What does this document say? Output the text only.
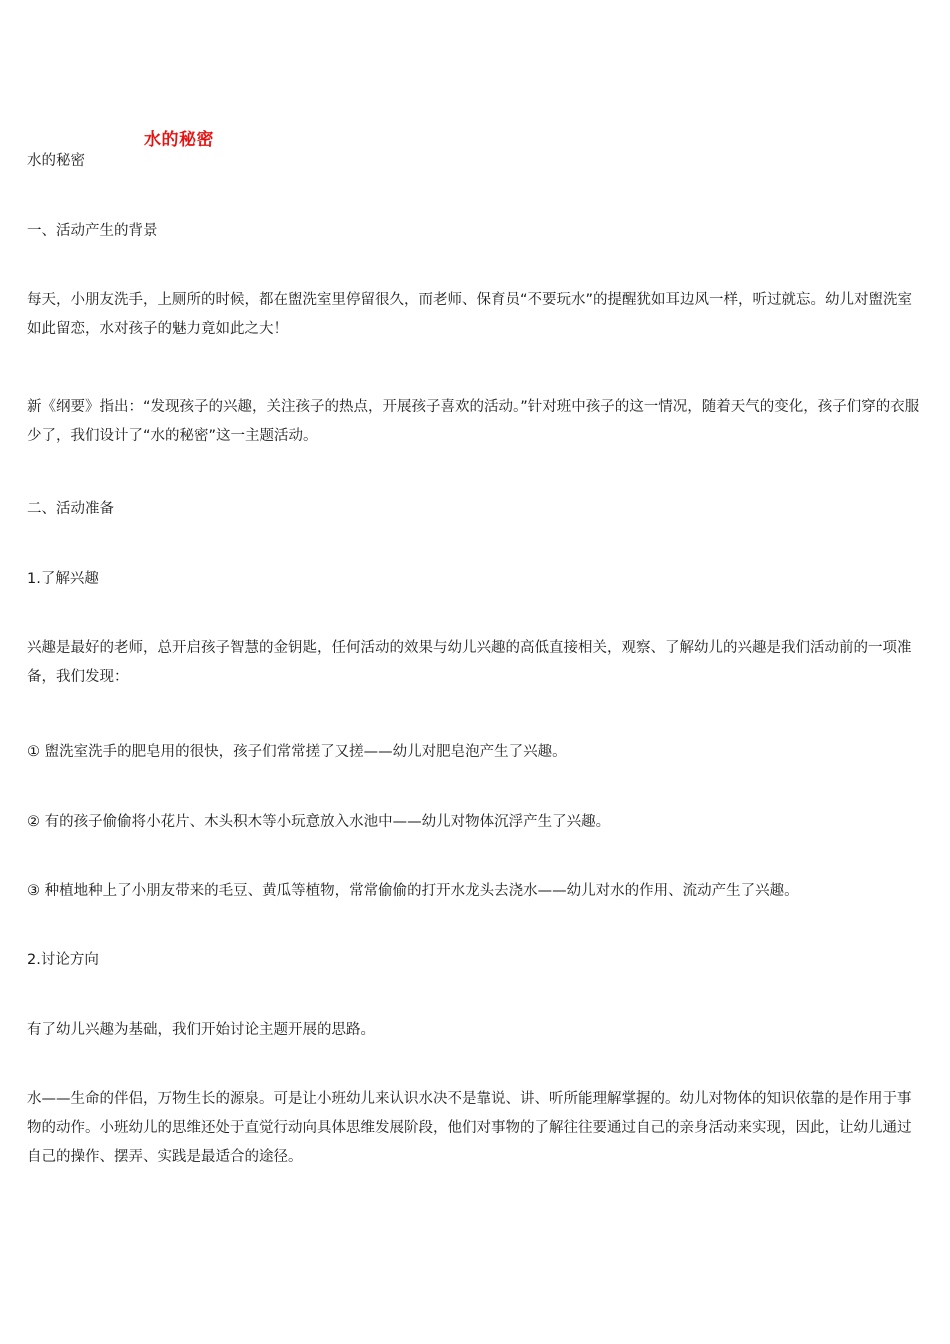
水的秘密

水的秘密

一、活动产生的背景

每天，小朋友洗手，上厕所的时候，都在盥洗室里停留很久，而老师、保育员“不要玩水”的提醒犹如耳边风一样，听过就忘。幼儿对盥洗室如此留恋，水对孩子的魅力竟如此之大！

新《纲要》指出：“发现孩子的兴趣，关注孩子的热点，开展孩子喜欢的活动。”针对班中孩子的这一情况，随着天气的变化，孩子们穿的衣服少了，我们设计了“水的秘密”这一主题活动。

二、活动准备

1.了解兴趣

兴趣是最好的老师，总开启孩子智慧的金钥匙，任何活动的效果与幼儿兴趣的高低直接相关，观察、了解幼儿的兴趣是我们活动前的一项准备，我们发现：

① 盥洗室洗手的肥皂用的很快，孩子们常常搓了又搓——幼儿对肥皂泡产生了兴趣。

② 有的孩子偷偷将小花片、木头积木等小玩意放入水池中——幼儿对物体沉浮产生了兴趣。

③ 种植地种上了小朋友带来的毛豆、黄瓜等植物，常常偷偷的打开水龙头去浇水——幼儿对水的作用、流动产生了兴趣。

2.讨论方向

有了幼儿兴趣为基础，我们开始讨论主题开展的思路。

水——生命的伴侣，万物生长的源泉。可是让小班幼儿来认识水决不是靠说、讲、听所能理解掌握的。幼儿对物体的知识依靠的是作用于事物的动作。小班幼儿的思维还处于直觉行动向具体思维发展阶段，他们对事物的了解往往要通过自己的亲身活动来实现，因此，让幼儿通过自己的操作、摆弄、实践是最适合的途径。
